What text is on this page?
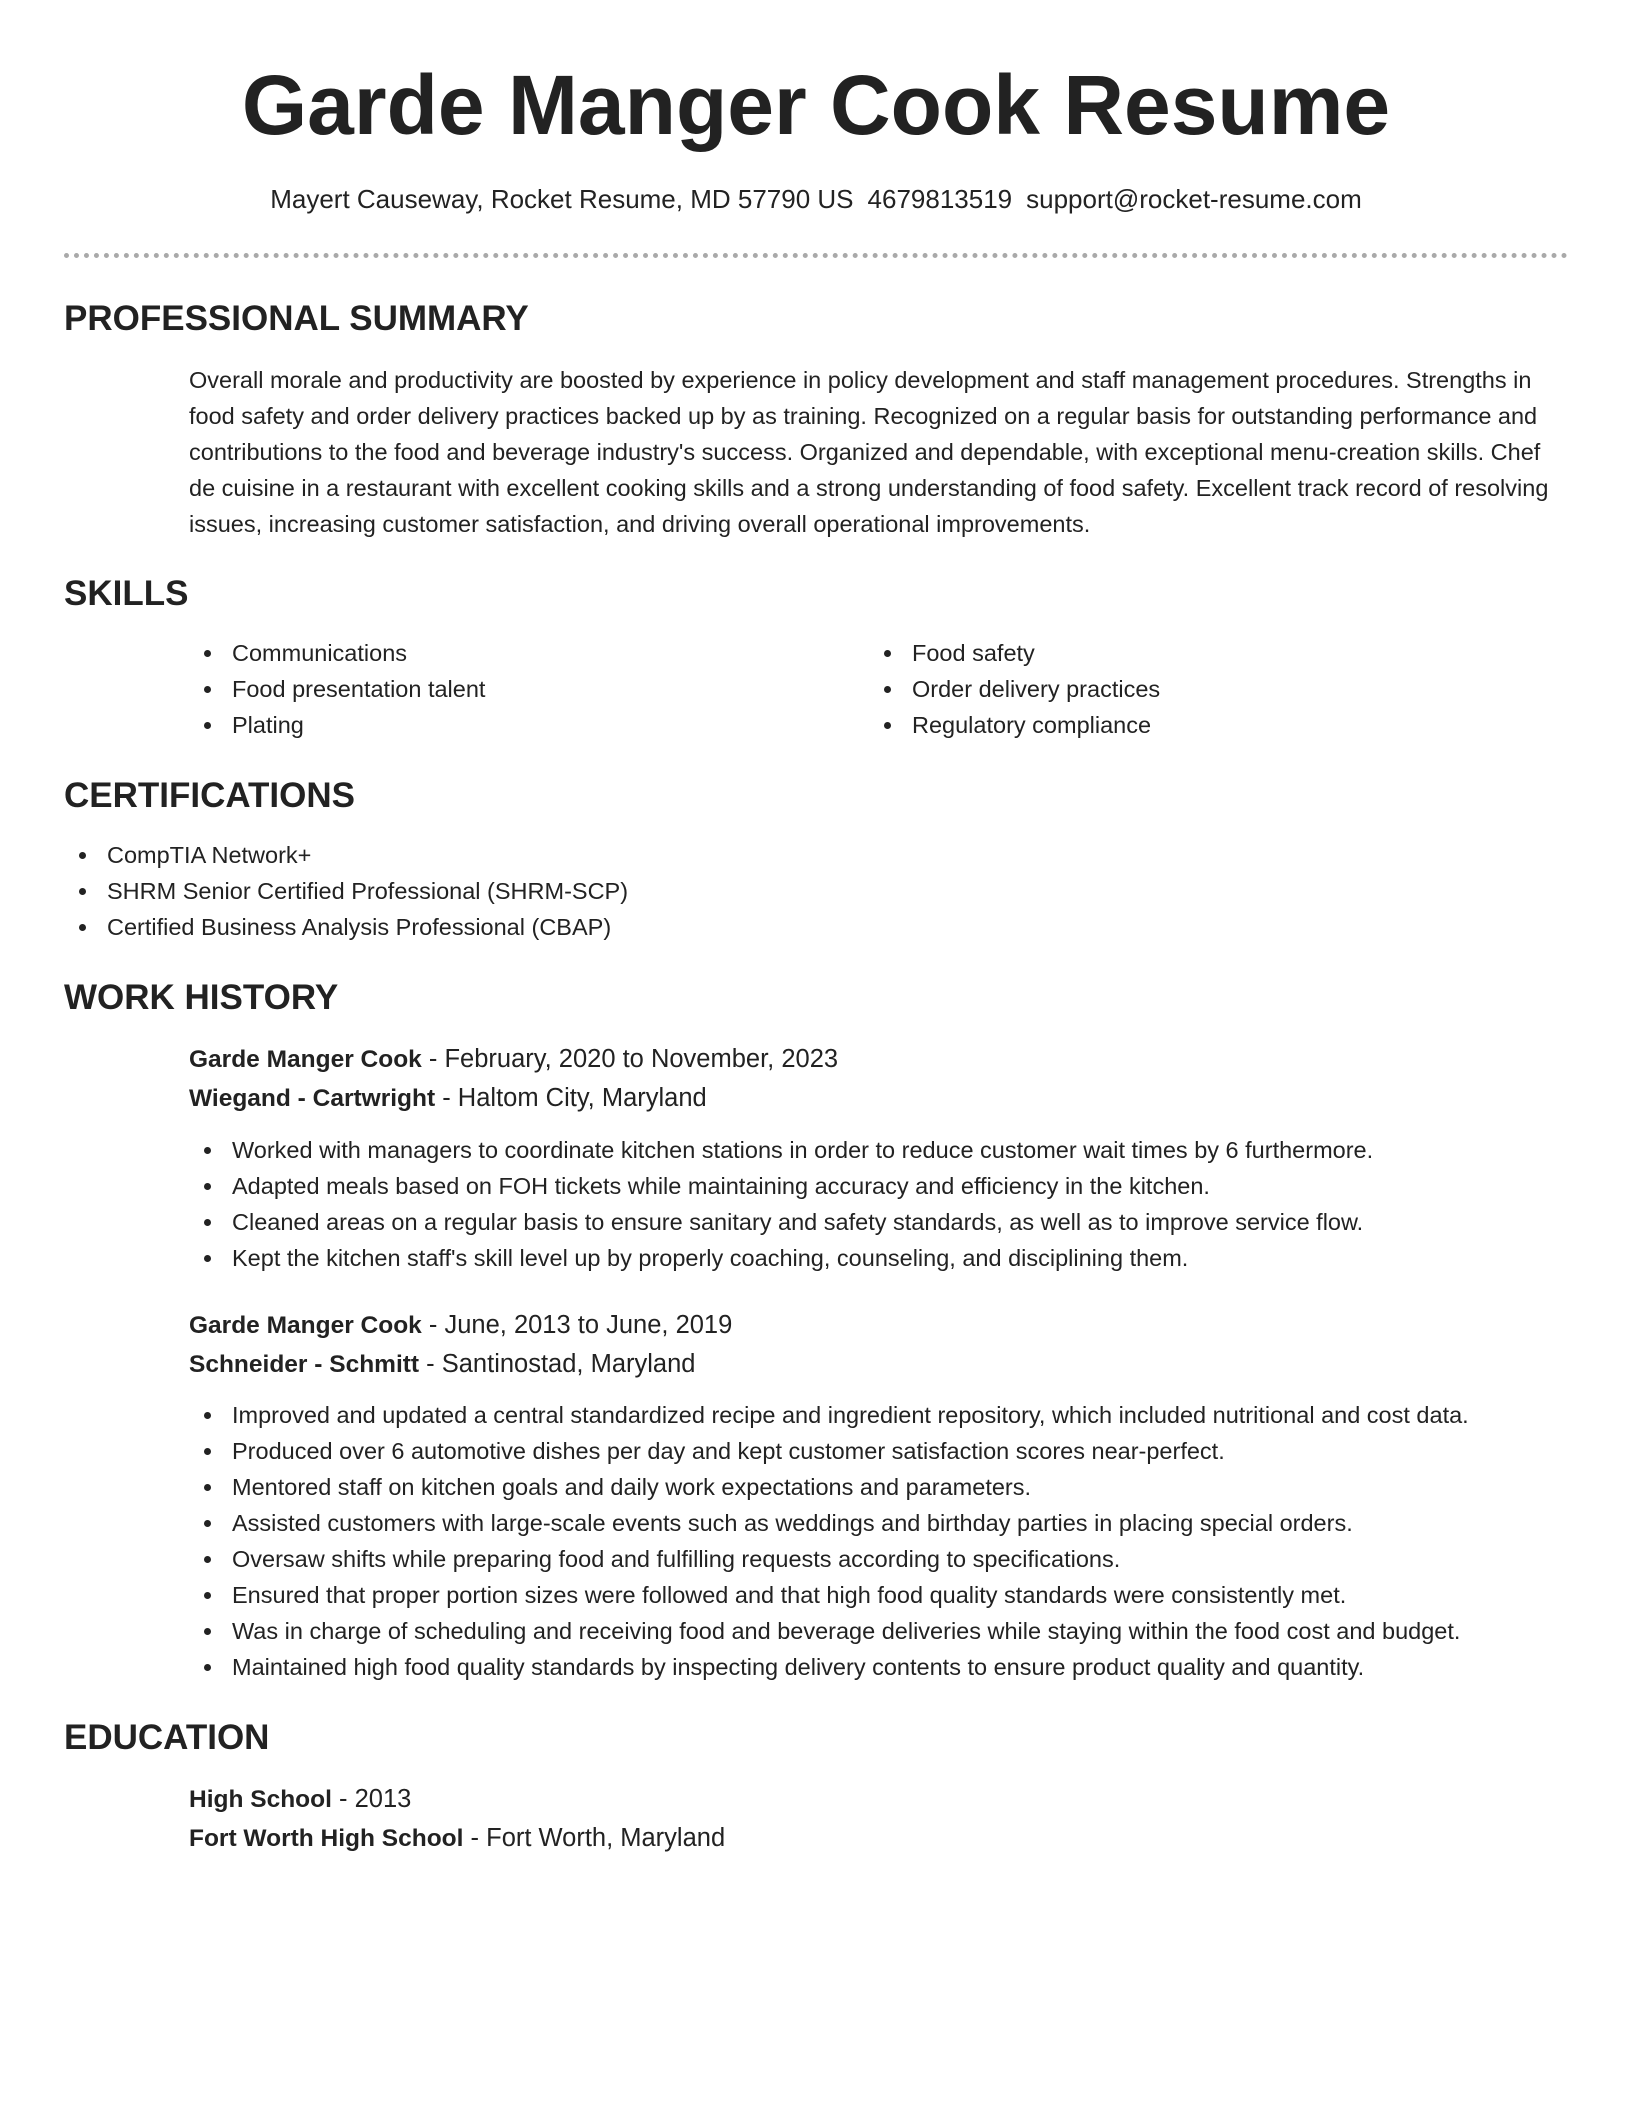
Garde Manger Cook Resume
Mayert Causeway, Rocket Resume, MD 57790 US 4679813519 support@rocket-resume.com
PROFESSIONAL SUMMARY

Overall morale and productivity are boosted by experience in policy development and staff management procedures. Strengths in food safety and order delivery practices backed up by as training. Recognized on a regular basis for outstanding performance and contributions to the food and beverage industry's success. Organized and dependable, with exceptional menu-creation skills. Chef de cuisine in a restaurant with excellent cooking skills and a strong understanding of food safety. Excellent track record of resolving issues, increasing customer satisfaction, and driving overall operational improvements.

SKILLS
Communications
Food presentation talent
Plating
Food safety
Order delivery practices
Regulatory compliance
CERTIFICATIONS
CompTIA Network+
SHRM Senior Certified Professional (SHRM-SCP)
Certified Business Analysis Professional (CBAP)
WORK HISTORY
Garde Manger Cook - February, 2020 to November, 2023
Wiegand - Cartwright - Haltom City, Maryland
Worked with managers to coordinate kitchen stations in order to reduce customer wait times by 6 furthermore.
Adapted meals based on FOH tickets while maintaining accuracy and efficiency in the kitchen.
Cleaned areas on a regular basis to ensure sanitary and safety standards, as well as to improve service flow.
Kept the kitchen staff's skill level up by properly coaching, counseling, and disciplining them.
Garde Manger Cook - June, 2013 to June, 2019
Schneider - Schmitt - Santinostad, Maryland
Improved and updated a central standardized recipe and ingredient repository, which included nutritional and cost data.
Produced over 6 automotive dishes per day and kept customer satisfaction scores near-perfect.
Mentored staff on kitchen goals and daily work expectations and parameters.
Assisted customers with large-scale events such as weddings and birthday parties in placing special orders.
Oversaw shifts while preparing food and fulfilling requests according to specifications.
Ensured that proper portion sizes were followed and that high food quality standards were consistently met.
Was in charge of scheduling and receiving food and beverage deliveries while staying within the food cost and budget.
Maintained high food quality standards by inspecting delivery contents to ensure product quality and quantity.
EDUCATION
High School - 2013
Fort Worth High School - Fort Worth, Maryland
